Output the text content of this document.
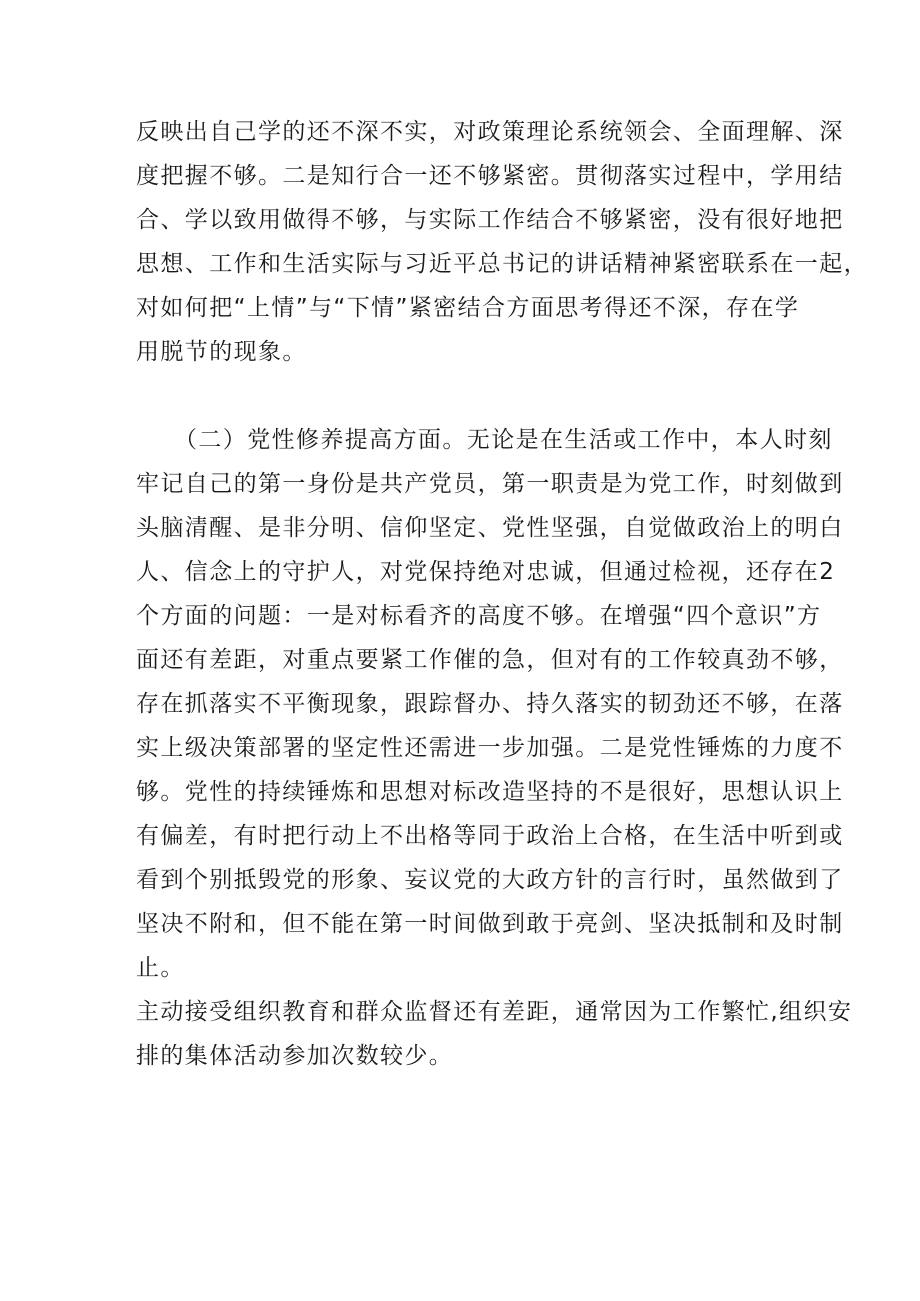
反映出自己学的还不深不实，对政策理论系统领会、全面理解、深
度把握不够。二是知行合一还不够紧密。贯彻落实过程中，学用结
合、学以致用做得不够，与实际工作结合不够紧密，没有很好地把
思想、工作和生活实际与习近平总书记的讲话精神紧密联系在一起，
对如何把“上情”与“下情”紧密结合方面思考得还不深，存在学
用脱节的现象。
（二）党性修养提高方面。无论是在生活或工作中，本人时刻
牢记自己的第一身份是共产党员，第一职责是为党工作，时刻做到
头脑清醒、是非分明、信仰坚定、党性坚强，自觉做政治上的明白
人、信念上的守护人，对党保持绝对忠诚，但通过检视，还存在2
个方面的问题：一是对标看齐的高度不够。在增强“四个意识”方
面还有差距，对重点要紧工作催的急，但对有的工作较真劲不够，
存在抓落实不平衡现象，跟踪督办、持久落实的韧劲还不够，在落
实上级决策部署的坚定性还需进一步加强。二是党性锤炼的力度不
够。党性的持续锤炼和思想对标改造坚持的不是很好，思想认识上
有偏差，有时把行动上不出格等同于政治上合格，在生活中听到或
看到个别抵毁党的形象、妄议党的大政方针的言行时，虽然做到了
坚决不附和，但不能在第一时间做到敢于亮剑、坚决抵制和及时制
止。
主动接受组织教育和群众监督还有差距，通常因为工作繁忙,组织安
排的集体活动参加次数较少。
